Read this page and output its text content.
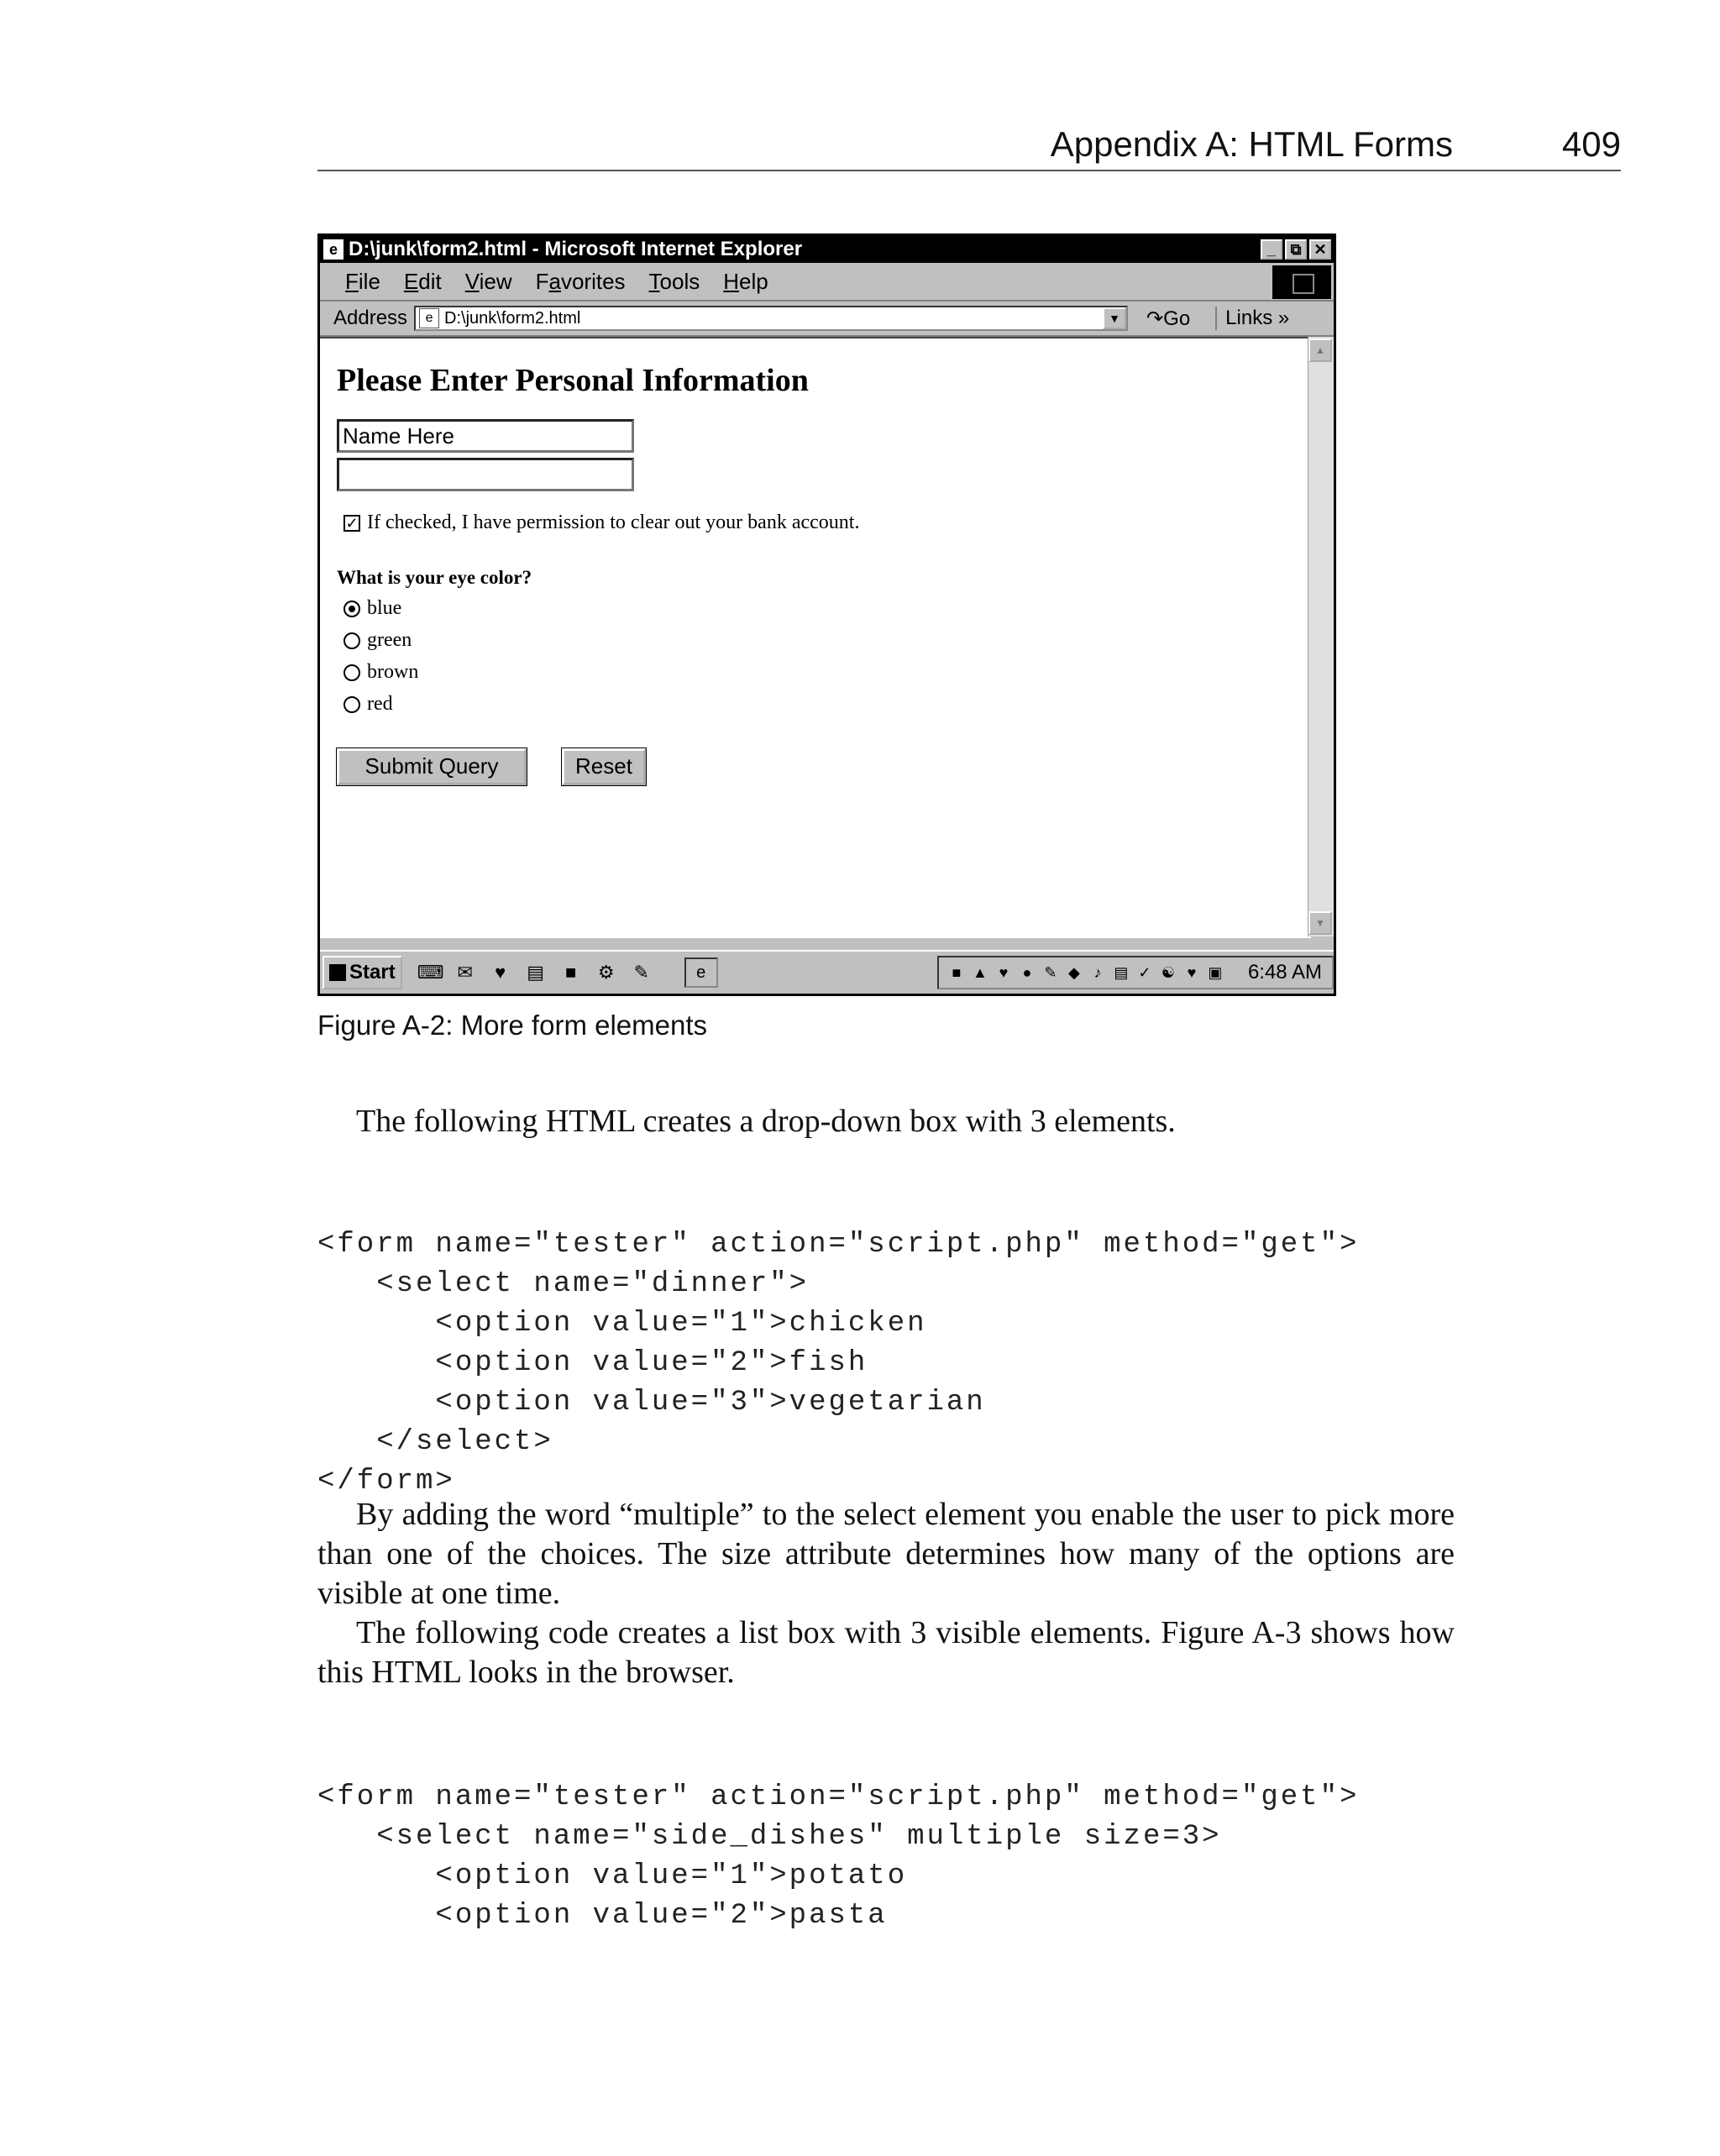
Appendix A: HTML Forms	409
e D:\junk\form2.html - Microsoft Internet Explorer	_ ⧉ ✕
File Edit View Favorites Tools Help
Address	e D:\junk\form2.html	▼ ↷Go	Links »
Please Enter Personal Information
Name Here
✓ If checked, I have permission to clear out your bank account.
What is your eye color?
blue
green
brown
red
Submit Query	Reset
▲
▼
Start ⌨ ✉	♥	▤	■	⚙ ✎	e	■ ▲ ♥ ● ✎ ◆ ♪ ▤ ✓ ☯ ♥ ▣ 6:48 AM
Figure A-2: More form elements
The following HTML creates a drop-down box with 3 elements.

<form name="tester" action="script.php" method="get">
<select name="dinner">
<option value="1">chicken
<option value="2">fish
<option value="3">vegetarian
</select>
</form>

By adding the word “multiple” to the select element you enable the user to pick more than one of the choices. The size attribute determines how many of the options are visible at one time.
The following code creates a list box with 3 visible elements. Figure A-3 shows how this HTML looks in the browser.

<form name="tester" action="script.php" method="get">
<select name="side_dishes" multiple size=3>
<option value="1">potato
<option value="2">pasta
